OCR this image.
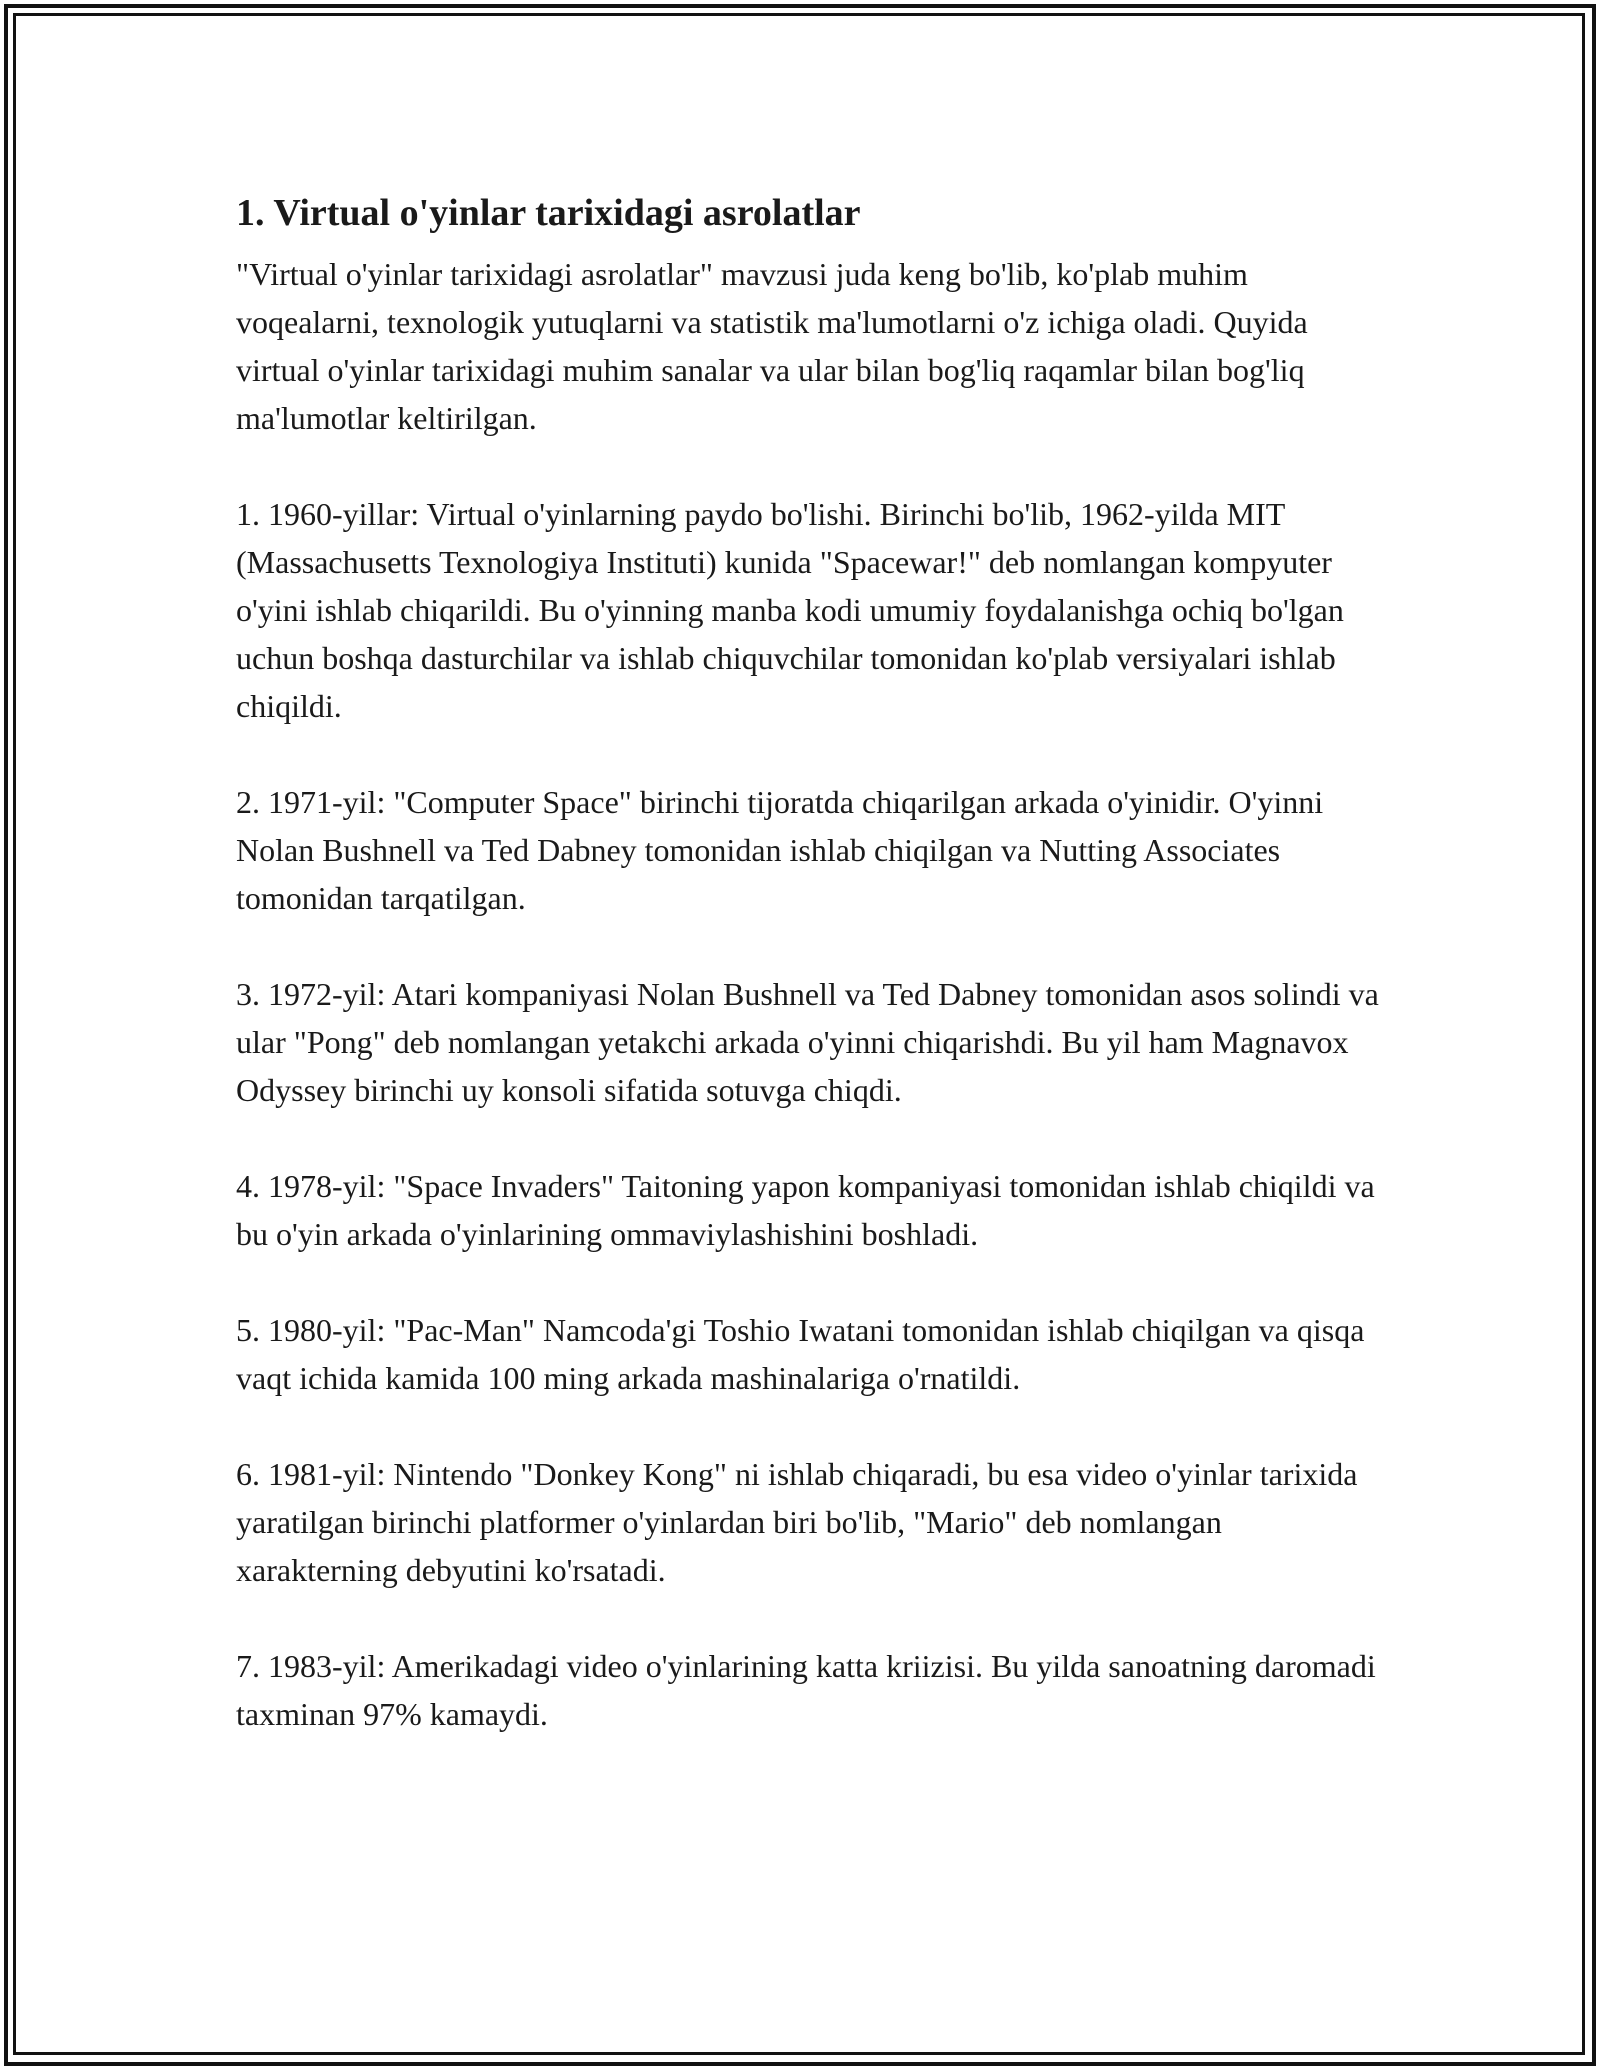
1. Virtual o'yinlar tarixidagi asrolatlar

"Virtual o'yinlar tarixidagi asrolatlar" mavzusi juda keng bo'lib, ko'plab muhim voqealarni, texnologik yutuqlarni va statistik ma'lumotlarni o'z ichiga oladi. Quyida virtual o'yinlar tarixidagi muhim sanalar va ular bilan bog'liq raqamlar bilan bog'liq ma'lumotlar keltirilgan.

1. 1960-yillar: Virtual o'yinlarning paydo bo'lishi. Birinchi bo'lib, 1962-yilda MIT (Massachusetts Texnologiya Instituti) kunida "Spacewar!" deb nomlangan kompyuter o'yini ishlab chiqarildi. Bu o'yinning manba kodi umumiy foydalanishga ochiq bo'lgan uchun boshqa dasturchilar va ishlab chiquvchilar tomonidan ko'plab versiyalari ishlab chiqildi.

2. 1971-yil: "Computer Space" birinchi tijoratda chiqarilgan arkada o'yinidir. O'yinni Nolan Bushnell va Ted Dabney tomonidan ishlab chiqilgan va Nutting Associates tomonidan tarqatilgan.

3. 1972-yil: Atari kompaniyasi Nolan Bushnell va Ted Dabney tomonidan asos solindi va ular "Pong" deb nomlangan yetakchi arkada o'yinni chiqarishdi. Bu yil ham Magnavox Odyssey birinchi uy konsoli sifatida sotuvga chiqdi.

4. 1978-yil: "Space Invaders" Taitoning yapon kompaniyasi tomonidan ishlab chiqildi va bu o'yin arkada o'yinlarining ommaviylashishini boshladi.

5. 1980-yil: "Pac-Man" Namcoda'gi Toshio Iwatani tomonidan ishlab chiqilgan va qisqa vaqt ichida kamida 100 ming arkada mashinalariga o'rnatildi.

6. 1981-yil: Nintendo "Donkey Kong" ni ishlab chiqaradi, bu esa video o'yinlar tarixida yaratilgan birinchi platformer o'yinlardan biri bo'lib, "Mario" deb nomlangan xarakterning debyutini ko'rsatadi.

7. 1983-yil: Amerikadagi video o'yinlarining katta kriizisi. Bu yilda sanoatning daromadi taxminan 97% kamaydi.
